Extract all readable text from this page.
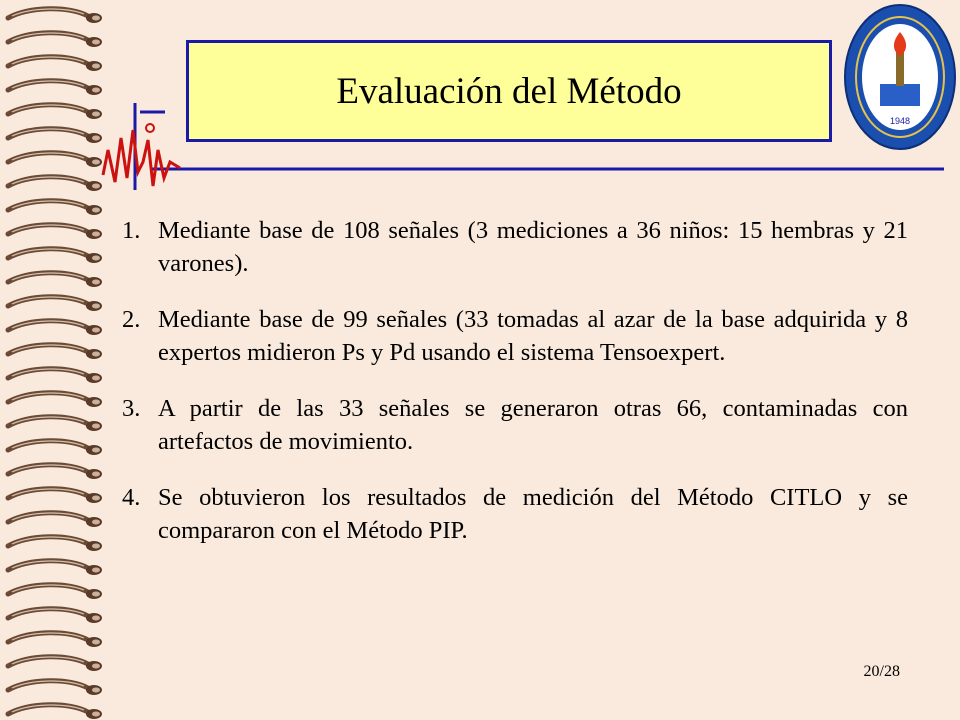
Evaluación del Método
1948
1. Mediante base de 108 señales (3 mediciones a 36 niños: 15 hembras y 21 varones).
2. Mediante base de 99 señales (33 tomadas al azar de la base adquirida y 8 expertos midieron Ps y Pd usando el sistema Tensoexpert.
3. A partir de las 33 señales se generaron otras 66, contaminadas con artefactos de movimiento.
4. Se obtuvieron los resultados de medición del Método CITLO y se compararon con el Método PIP.
20/28
